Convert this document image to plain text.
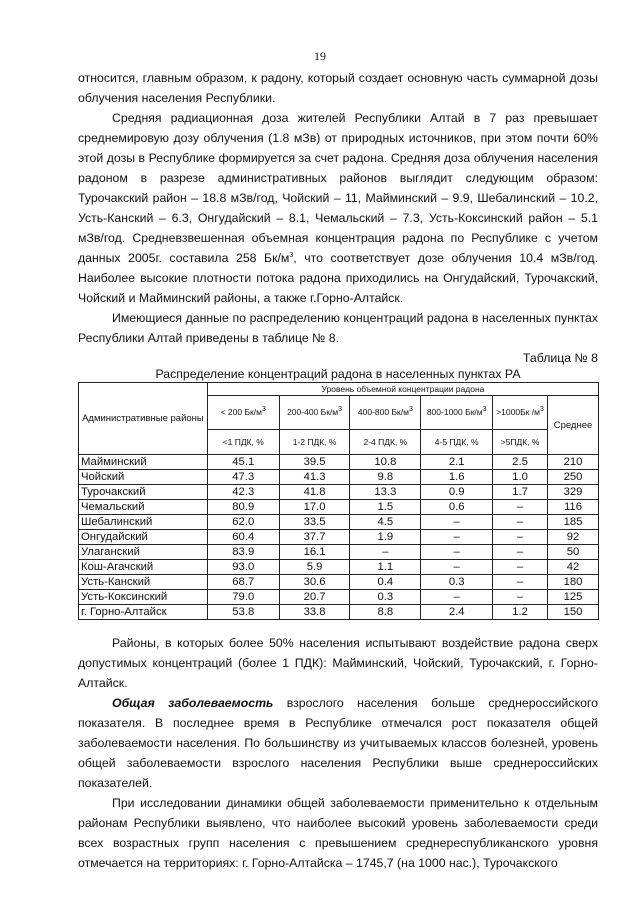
19

относится, главным образом, к радону, который создает основную часть суммарной дозы облучения населения Республики.

Средняя радиационная доза жителей Республики Алтай в 7 раз превышает среднемировую дозу облучения (1.8 мЗв) от природных источников, при этом почти 60% этой дозы в Республике формируется за счет радона. Средняя доза облучения населения радоном в разрезе административных районов выглядит следующим образом: Турочакский район – 18.8 мЗв/год, Чойский – 11, Майминский – 9.9, Шебалинский – 10.2, Усть-Канский – 6.3, Онгудайский – 8.1, Чемальский – 7.3, Усть-Коксинский район – 5.1 мЗв/год. Средневзвешенная объемная концентрация радона по Республике с учетом данных 2005г. составила 258 $Бк/м^3$, что соответствует дозе облучения 10.4 мЗв/год. Наиболее высокие плотности потока радона приходились на Онгудайский, Турочакский, Чойский и Майминский районы, а также г.Горно-Алтайск.

Имеющиеся данные по распределению концентраций радона в населенных пунктах Республики Алтай приведены в таблице № 8.

Таблица № 8
Распределение концентраций радона в населенных пунктах РА
Административные районы	Уровень объемной концентрации радона					
	< 200 $Бк/м^3$	200-400 $Бк/м^3$	400-800 $Бк/м^3$	800-1000 $Бк/м^3$	>1000Бк $/м^3$	Среднее
	<1 ПДК, %	1-2 ПДК, %	2-4 ПДК, %	4-5 ПДК, %	>5ПДК, %	
Майминский	45.1	39.5	10.8	2.1	2.5	210
Чойский	47.3	41.3	9.8	1.6	1.0	250
Турочакский	42.3	41.8	13.3	0.9	1.7	329
Чемальский	80.9	17.0	1.5	0.6	–	116
Шебалинский	62.0	33.5	4.5	–	–	185
Онгудайский	60.4	37.7	1.9	–	–	92
Улаганский	83.9	16.1	–	–	–	50
Кош-Агачский	93.0	5.9	1.1	–	–	42
Усть-Канский	68.7	30.6	0.4	0.3	–	180
Усть-Коксинский	79.0	20.7	0.3	–	–	125
г. Горно-Алтайск	53.8	33.8	8.8	2.4	1.2	150

Районы, в которых более 50% населения испытывают воздействие радона сверх допустимых концентраций (более 1 ПДК): Майминский, Чойский, Турочакский, г. Горно-Алтайск.

Общая заболеваемость взрослого населения больше среднероссийского показателя. В последнее время в Республике отмечался рост показателя общей заболеваемости населения. По большинству из учитываемых классов болезней, уровень общей заболеваемости взрослого населения Республики выше среднероссийских показателей.

При исследовании динамики общей заболеваемости применительно к отдельным районам Республики выявлено, что наиболее высокий уровень заболеваемости среди всех возрастных групп населения с превышением среднереспубликанского уровня отмечается на территориях: г. Горно-Алтайска – 1745,7 (на 1000 нас.), Турочакского
